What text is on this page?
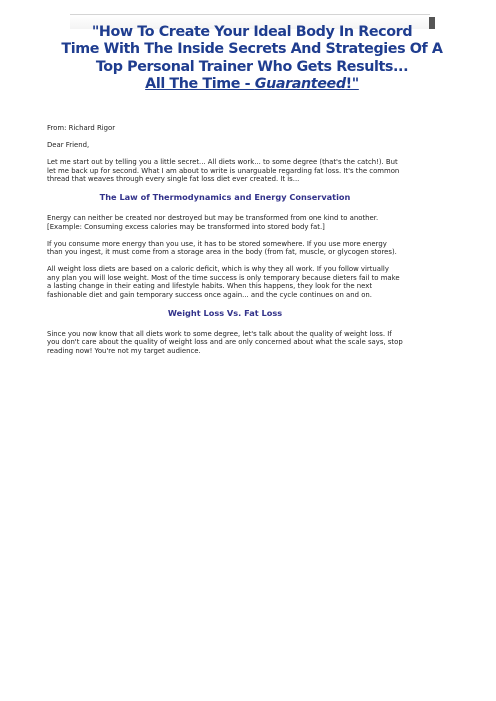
"How To Create Your Ideal Body In Record
Time With The Inside Secrets And Strategies Of A
Top Personal Trainer Who Gets Results...
All The Time - Guaranteed!"

From: Richard Rigor

Dear Friend,

Let me start out by telling you a little secret... All diets work... to some degree (that's the catch!). But let me back up for second. What I am about to write is unarguable regarding fat loss. It's the common thread that weaves through every single fat loss diet ever created. It is...

The Law of Thermodynamics and Energy Conservation

Energy can neither be created nor destroyed but may be transformed from one kind to another. [Example: Consuming excess calories may be transformed into stored body fat.]

If you consume more energy than you use, it has to be stored somewhere. If you use more energy than you ingest, it must come from a storage area in the body (from fat, muscle, or glycogen stores).

All weight loss diets are based on a caloric deficit, which is why they all work. If you follow virtually any plan you will lose weight. Most of the time success is only temporary because dieters fail to make a lasting change in their eating and lifestyle habits. When this happens, they look for the next fashionable diet and gain temporary success once again... and the cycle continues on and on.

Weight Loss Vs. Fat Loss

Since you now know that all diets work to some degree, let's talk about the quality of weight loss. If you don't care about the quality of weight loss and are only concerned about what the scale says, stop reading now! You're not my target audience.
